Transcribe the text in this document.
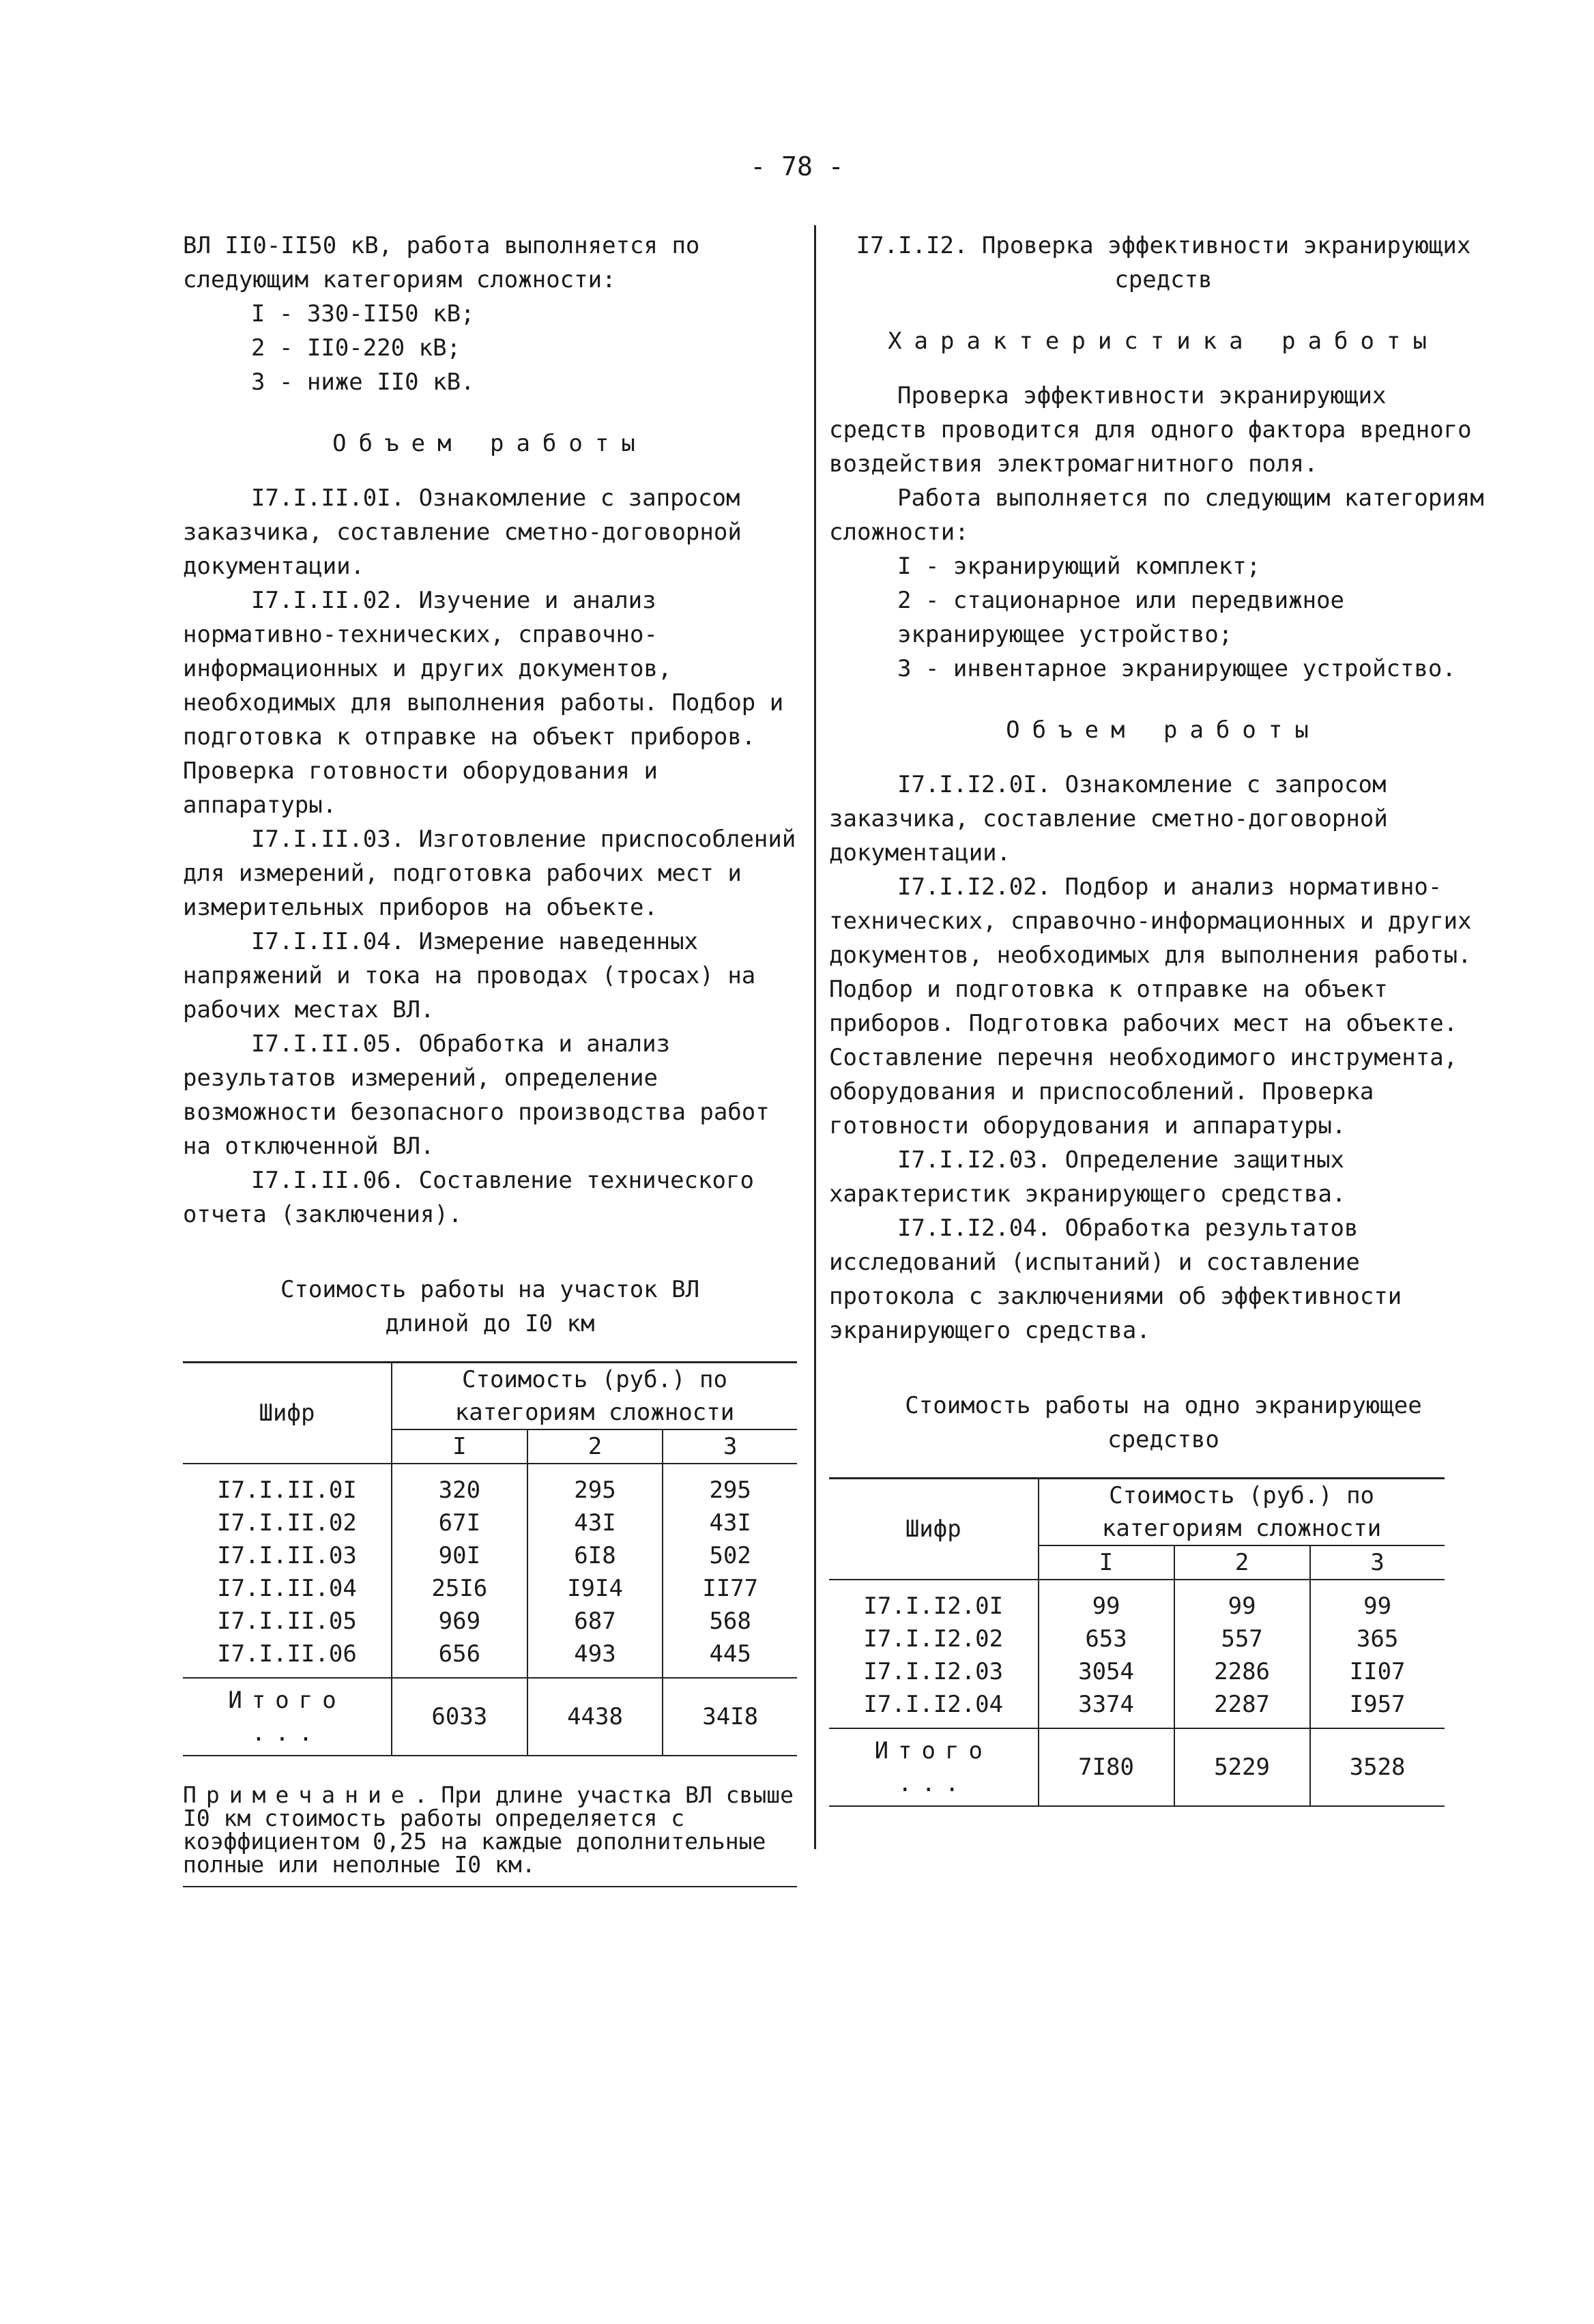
- 78 -

ВЛ II0-II50 кВ, работа выполняется по следующим категориям сложности:

I - 330-II50 кВ;

2 - II0-220 кВ;

3 - ниже II0 кВ.

Объем работы

I7.I.II.0I. Ознакомление с запросом заказчика, составление сметно-договорной документации.

I7.I.II.02. Изучение и анализ нормативно-технических, справочно-информационных и других документов, необходимых для выполнения работы. Подбор и подготовка к отправке на объект приборов. Проверка готовности оборудования и аппаратуры.

I7.I.II.03. Изготовление приспособлений для измерений, подготовка рабочих мест и измерительных приборов на объекте.

I7.I.II.04. Измерение наведенных напряжений и тока на проводах (тросах) на рабочих местах ВЛ.

I7.I.II.05. Обработка и анализ результатов измерений, определение возможности безопасного производства работ на отключенной ВЛ.

I7.I.II.06. Составление технического отчета (заключения).

Стоимость работы на участок ВЛ
длиной до I0 км
Шифр	Стоимость (руб.) по категориям сложности		
	I	2	3
I7.I.II.0I	320	295	295
I7.I.II.02	67I	43I	43I
I7.I.II.03	90I	6I8	502
I7.I.II.04	25I6	I9I4	II77
I7.I.II.05	969	687	568
I7.I.II.06	656	493	445
Итого ...	6033	4438	34I8
Примечание. При длине участка ВЛ свыше I0 км стоимость работы определяется с коэффициентом 0,25 на каждые дополнительные полные или неполные I0 км.

I7.I.I2. Проверка эффективности экранирующих средств

Характеристика работы

Проверка эффективности экранирующих средств проводится для одного фактора вредного воздействия электромагнитного поля.

Работа выполняется по следующим категориям сложности:

I - экранирующий комплект;

2 - стационарное или передвижное экранирующее устройство;

3 - инвентарное экранирующее устройство.

Объем работы

I7.I.I2.0I. Ознакомление с запросом заказчика, составление сметно-договорной документации.

I7.I.I2.02. Подбор и анализ нормативно-технических, справочно-информационных и других документов, необходимых для выполнения работы. Подбор и подготовка к отправке на объект приборов. Подготовка рабочих мест на объекте. Составление перечня необходимого инструмента, оборудования и приспособлений. Проверка готовности оборудования и аппаратуры.

I7.I.I2.03. Определение защитных характеристик экранирующего средства.

I7.I.I2.04. Обработка результатов исследований (испытаний) и составление протокола с заключениями об эффективности экранирующего средства.

Стоимость работы на одно экранирующее
средство
Шифр	Стоимость (руб.) по категориям сложности		
	I	2	3
I7.I.I2.0I	99	99	99
I7.I.I2.02	653	557	365
I7.I.I2.03	3054	2286	II07
I7.I.I2.04	3374	2287	I957
Итого ...	7I80	5229	3528
